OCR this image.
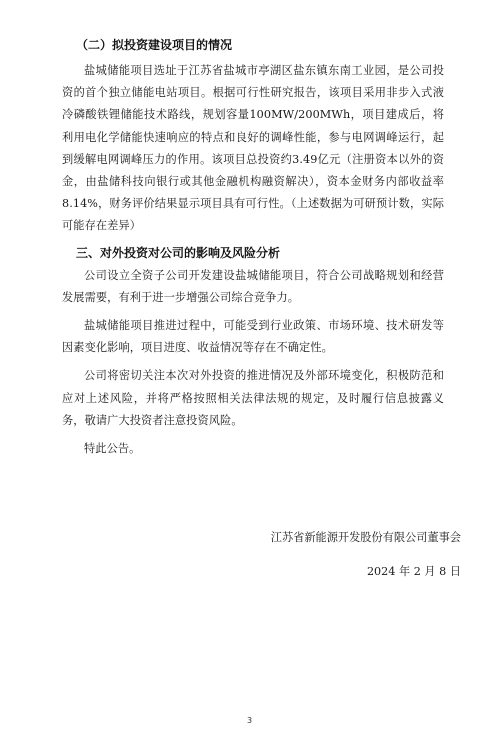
（二）拟投资建设项目的情况

盐城储能项目选址于江苏省盐城市亭湖区盐东镇东南工业园，是公司投资的首个独立储能电站项目。根据可行性研究报告，该项目采用非步入式液冷磷酸铁锂储能技术路线，规划容量100MW/200MWh，项目建成后，将利用电化学储能快速响应的特点和良好的调峰性能，参与电网调峰运行，起到缓解电网调峰压力的作用。该项目总投资约3.49亿元（注册资本以外的资金，由盐储科技向银行或其他金融机构融资解决），资本金财务内部收益率8.14%，财务评价结果显示项目具有可行性。（上述数据为可研预计数，实际可能存在差异）

三、对外投资对公司的影响及风险分析

公司设立全资子公司开发建设盐城储能项目，符合公司战略规划和经营发展需要，有利于进一步增强公司综合竞争力。

盐城储能项目推进过程中，可能受到行业政策、市场环境、技术研发等因素变化影响，项目进度、收益情况等存在不确定性。

公司将密切关注本次对外投资的推进情况及外部环境变化，积极防范和应对上述风险，并将严格按照相关法律法规的规定，及时履行信息披露义务，敬请广大投资者注意投资风险。

特此公告。

江苏省新能源开发股份有限公司董事会
2024 年 2 月 8 日
3
